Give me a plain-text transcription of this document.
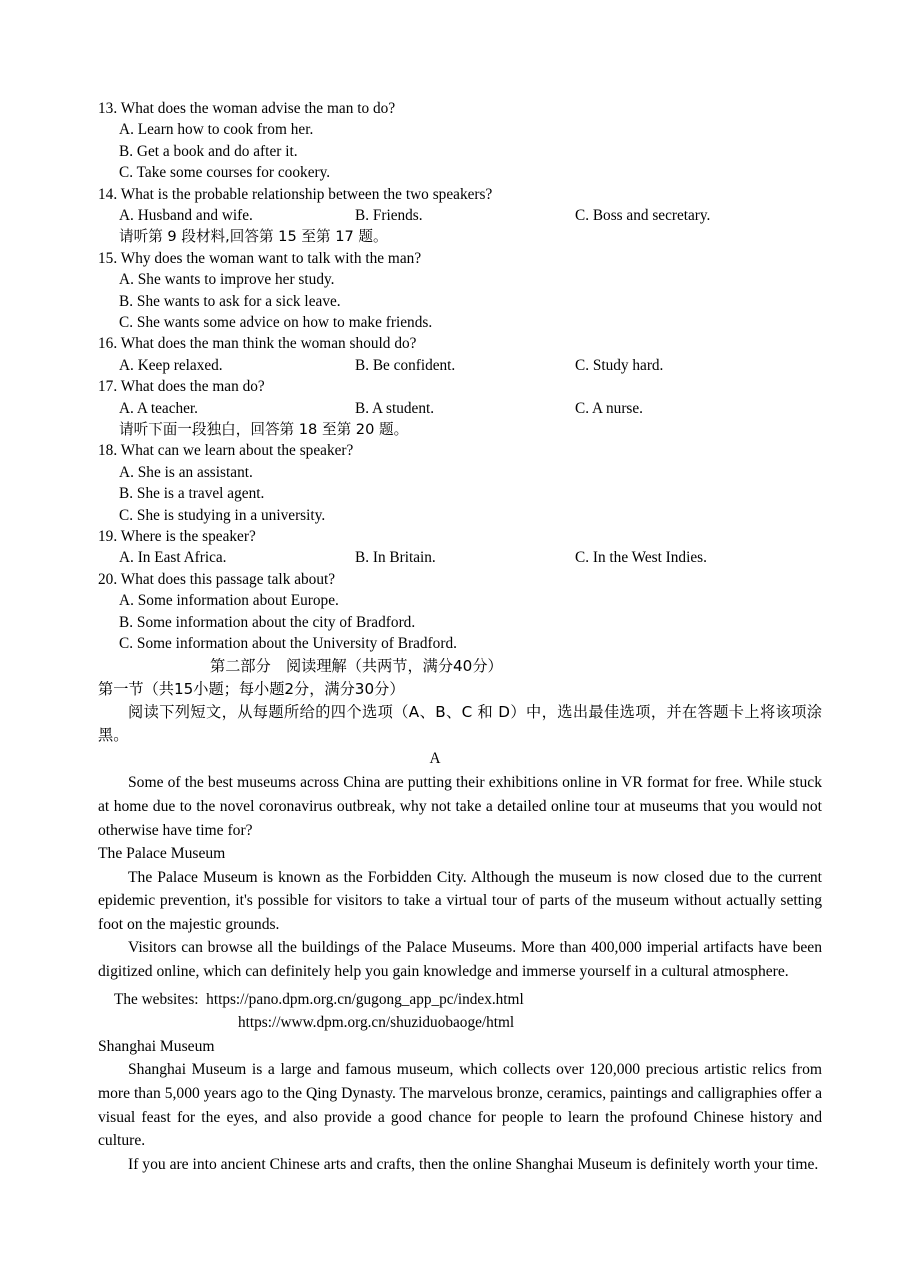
13. What does the woman advise the man to do?
A. Learn how to cook from her.
B. Get a book and do after it.
C. Take some courses for cookery.
14. What is the probable relationship between the two speakers?
A. Husband and wife.	B. Friends.	C. Boss and secretary.
请听第 9 段材料,回答第 15 至第 17 题。
15. Why does the woman want to talk with the man?
A. She wants to improve her study.
B. She wants to ask for a sick leave.
C. She wants some advice on how to make friends.
16. What does the man think the woman should do?
A. Keep relaxed.	B. Be confident.	C. Study hard.
17. What does the man do?
A. A teacher.	B. A student.	C. A nurse.
请听下面一段独白，回答第 18 至第 20 题。
18. What can we learn about the speaker?
A. She is an assistant.
B. She is a travel agent.
C. She is studying in a university.
19. Where is the speaker?
A. In East Africa.	B. In Britain.	C. In the West Indies.
20. What does this passage talk about?
A. Some information about Europe.
B. Some information about the city of Bradford.
C. Some information about the University of Bradford.
第二部分　阅读理解（共两节，满分40分）
第一节（共15小题；每小题2分，满分30分）
阅读下列短文，从每题所给的四个选项（A、B、C 和 D）中，选出最佳选项，并在答题卡上将该项涂黑。
A

Some of the best museums across China are putting their exhibitions online in VR format for free. While stuck at home due to the novel coronavirus outbreak, why not take a detailed online tour at museums that you would not otherwise have time for?

The Palace Museum

The Palace Museum is known as the Forbidden City. Although the museum is now closed due to the current epidemic prevention, it's possible for visitors to take a virtual tour of parts of the museum without actually setting foot on the majestic grounds.

Visitors can browse all the buildings of the Palace Museums. More than 400,000 imperial artifacts have been digitized online, which can definitely help you gain knowledge and immerse yourself in a cultural atmosphere.

The websites:  https://pano.dpm.org.cn/gugong_app_pc/index.html

https://www.dpm.org.cn/shuziduobaoge/html

Shanghai Museum

Shanghai Museum is a large and famous museum, which collects over 120,000 precious artistic relics from more than 5,000 years ago to the Qing Dynasty. The marvelous bronze, ceramics, paintings and calligraphies offer a visual feast for the eyes, and also provide a good chance for people to learn the profound Chinese history and culture.

If you are into ancient Chinese arts and crafts, then the online Shanghai Museum is definitely worth your time.
